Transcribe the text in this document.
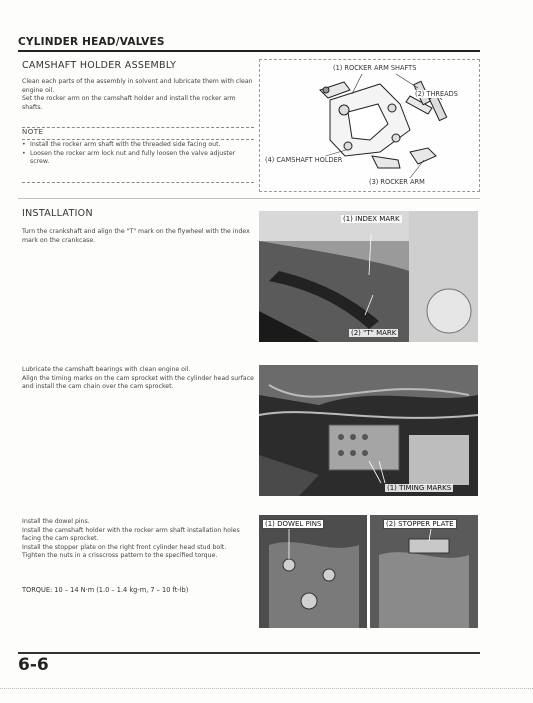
CYLINDER HEAD/VALVES
CAMSHAFT HOLDER ASSEMBLY

Clean each parts of the assembly in solvent and lubricate them with clean engine oil.

Set the rocker arm on the camshaft holder and install the rocker arm shafts.

NOTE
• Install the rocker arm shaft with the threaded side facing out.
• Loosen the rocker arm lock nut and fully loosen the valve adjuster screw.
(1) ROCKER ARM SHAFTS
(2) THREADS
(4) CAMSHAFT HOLDER
(3) ROCKER ARM
INSTALLATION
Turn the crankshaft and align the "T" mark on the flywheel with the index mark on the crankcase.
(1) INDEX MARK
(2) "T" MARK

Lubricate the camshaft bearings with clean engine oil.

Align the timing marks on the cam sprocket with the cylinder head surface and install the cam chain over the cam sprocket.

(1) TIMING MARKS

Install the dowel pins.

Install the camshaft holder with the rocker arm shaft installation holes facing the cam sprocket.

Install the stopper plate on the right front cylinder head stud bolt.

Tighten the nuts in a crisscross pattern to the specified torque.

TORQUE: 10 – 14 N·m (1.0 – 1.4 kg-m, 7 – 10 ft-lb)
(1) DOWEL PINS	(2) STOPPER PLATE
6-6
